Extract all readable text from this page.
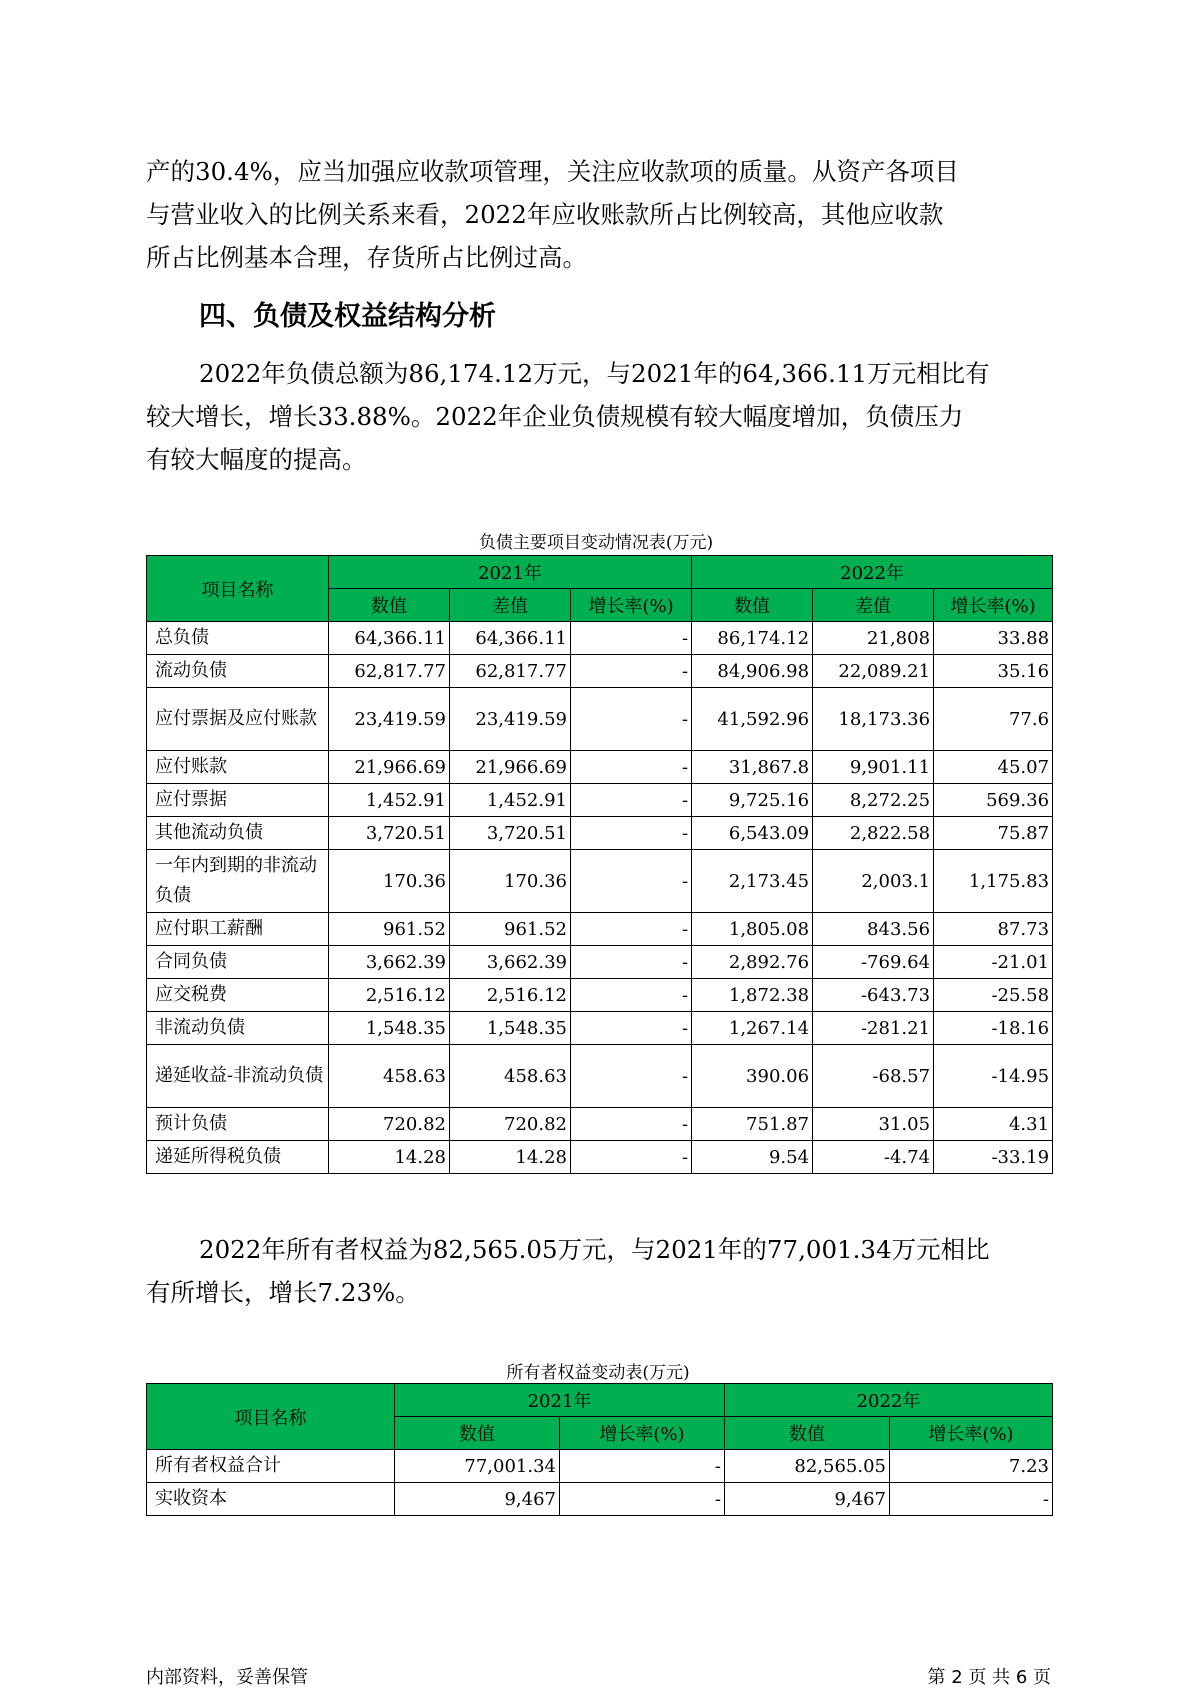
产的30.4%，应当加强应收款项管理，关注应收款项的质量。从资产各项目
与营业收入的比例关系来看，2022年应收账款所占比例较高，其他应收款
所占比例基本合理，存货所占比例过高。
四、负债及权益结构分析
2022年负债总额为86,174.12万元，与2021年的64,366.11万元相比有
较大增长，增长33.88%。2022年企业负债规模有较大幅度增加，负债压力
有较大幅度的提高。
负债主要项目变动情况表(万元)
项目名称	2021年			2022年		
	数值	差值	增长率(%)	数值	差值	增长率(%)
总负债	64,366.11	64,366.11	-	86,174.12	21,808	33.88
流动负债	62,817.77	62,817.77	-	84,906.98	22,089.21	35.16
应付票据及应付账款	23,419.59	23,419.59	-	41,592.96	18,173.36	77.6
应付账款	21,966.69	21,966.69	-	31,867.8	9,901.11	45.07
应付票据	1,452.91	1,452.91	-	9,725.16	8,272.25	569.36
其他流动负债	3,720.51	3,720.51	-	6,543.09	2,822.58	75.87
一年内到期的非流动负债	170.36	170.36	-	2,173.45	2,003.1	1,175.83
应付职工薪酬	961.52	961.52	-	1,805.08	843.56	87.73
合同负债	3,662.39	3,662.39	-	2,892.76	-769.64	-21.01
应交税费	2,516.12	2,516.12	-	1,872.38	-643.73	-25.58
非流动负债	1,548.35	1,548.35	-	1,267.14	-281.21	-18.16
递延收益-非流动负债	458.63	458.63	-	390.06	-68.57	-14.95
预计负债	720.82	720.82	-	751.87	31.05	4.31
递延所得税负债	14.28	14.28	-	9.54	-4.74	-33.19
2022年所有者权益为82,565.05万元，与2021年的77,001.34万元相比
有所增长，增长7.23%。
所有者权益变动表(万元)
项目名称	2021年		2022年	
	数值	增长率(%)	数值	增长率(%)
所有者权益合计	77,001.34	-	82,565.05	7.23
实收资本	9,467	-	9,467	-
内部资料，妥善保管	第 2 页 共 6 页
